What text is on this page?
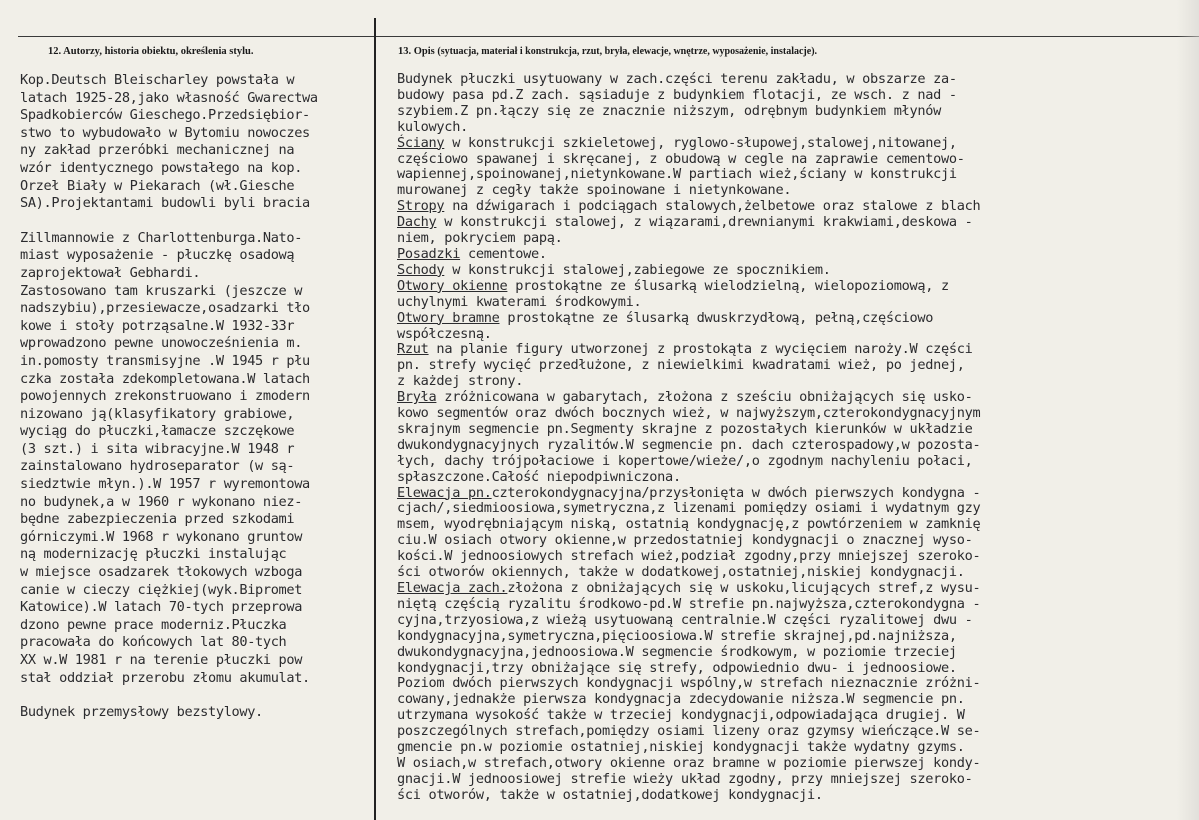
12. Autorzy, historia obiektu, określenia stylu.	13. Opis (sytuacja, materiał i konstrukcja, rzut, bryła, elewacje, wnętrze, wyposażenie, instalacje).
Kop.Deutsch Bleischarley powstała w
latach 1925-28,jako własność Gwarectwa
Spadkobierców Gieschego.Przedsiębior-
stwo to wybudowało w Bytomiu nowoczes
ny zakład przeróbki mechanicznej na
wzór identycznego powstałego na kop.
Orzeł Biały w Piekarach (wł.Giesche
SA).Projektantami budowli byli bracia
Zillmannowie z Charlottenburga.Nato-
miast wyposażenie - płuczkę osadową
zaprojektował Gebhardi.
Zastosowano tam kruszarki (jeszcze w
nadszybiu),przesiewacze,osadzarki tło
kowe i stoły potrząsalne.W 1932-33r
wprowadzono pewne unowocześnienia m.
in.pomosty transmisyjne .W 1945 r płu
czka została zdekompletowana.W latach
powojennych zrekonstruowano i zmodern
nizowano ją(klasyfikatory grabiowe,
wyciąg do płuczki,łamacze szczękowe
(3 szt.) i sita wibracyjne.W 1948 r
zainstalowano hydroseparator (w są-
siedztwie młyn.).W 1957 r wyremontowa
no budynek,a w 1960 r wykonano niez-
będne zabezpieczenia przed szkodami
górniczymi.W 1968 r wykonano gruntow
ną modernizację płuczki instalując
w miejsce osadzarek tłokowych wzboga
canie w cieczy ciężkiej(wyk.Bipromet
Katowice).W latach 70-tych przeprowa
dzono pewne prace moderniz.Płuczka
pracowała do końcowych lat 80-tych
XX w.W 1981 r na terenie płuczki pow
stał oddział przerobu złomu akumulat.
Budynek przemysłowy bezstylowy.
Budynek płuczki usytuowany w zach.części terenu zakładu, w obszarze za-
budowy pasa pd.Z zach. sąsiaduje z budynkiem flotacji, ze wsch. z nad -
szybiem.Z pn.łączy się ze znacznie niższym, odrębnym budynkiem młynów
kulowych.
Ściany w konstrukcji szkieletowej, ryglowo-słupowej,stalowej,nitowanej,
częściowo spawanej i skręcanej, z obudową w cegle na zaprawie cementowo-
wapiennej,spoinowanej,nietynkowane.W partiach wież,ściany w konstrukcji
murowanej z cegły także spoinowane i nietynkowane.
Stropy na dźwigarach i podciągach stalowych,żelbetowe oraz stalowe z blach
Dachy w konstrukcji stalowej, z wiązarami,drewnianymi krakwiami,deskowa -
niem, pokryciem papą.
Posadzki cementowe.
Schody w konstrukcji stalowej,zabiegowe ze spocznikiem.
Otwory okienne prostokątne ze ślusarką wielodzielną, wielopoziomową, z
uchylnymi kwaterami środkowymi.
Otwory bramne prostokątne ze ślusarką dwuskrzydłową, pełną,częściowo
współczesną.
Rzut na planie figury utworzonej z prostokąta z wycięciem naroży.W części
pn. strefy wycięć przedłużone, z niewielkimi kwadratami wież, po jednej,
z każdej strony.
Bryła zróżnicowana w gabarytach, złożona z sześciu obniżających się usko-
kowo segmentów oraz dwóch bocznych wież, w najwyższym,czterokondygnacyjnym
skrajnym segmencie pn.Segmenty skrajne z pozostałych kierunków w układzie
dwukondygnacyjnych ryzalitów.W segmencie pn. dach czterospadowy,w pozosta-
łych, dachy trójpołaciowe i kopertowe/wieże/,o zgodnym nachyleniu połaci,
spłaszczone.Całość niepodpiwniczona.
Elewacja pn.czterokondygnacyjna/przysłonięta w dwóch pierwszych kondygna -
cjach/,siedmioosiowa,symetryczna,z lizenami pomiędzy osiami i wydatnym gzy
msem, wyodrębniającym niską, ostatnią kondygnację,z powtórzeniem w zamknię
ciu.W osiach otwory okienne,w przedostatniej kondygnacji o znacznej wyso-
kości.W jednoosiowych strefach wież,podział zgodny,przy mniejszej szeroko-
ści otworów okiennych, także w dodatkowej,ostatniej,niskiej kondygnacji.
Elewacja zach.złożona z obniżających się w uskoku,licujących stref,z wysu-
niętą częścią ryzalitu środkowo-pd.W strefie pn.najwyższa,czterokondygna -
cyjna,trzyosiowa,z wieżą usytuowaną centralnie.W części ryzalitowej dwu -
kondygnacyjna,symetryczna,pięcioosiowa.W strefie skrajnej,pd.najniższa,
dwukondygnacyjna,jednoosiowa.W segmencie środkowym, w poziomie trzeciej
kondygnacji,trzy obniżające się strefy, odpowiednio dwu- i jednoosiowe.
Poziom dwóch pierwszych kondygnacji wspólny,w strefach nieznacznie zróżni-
cowany,jednakże pierwsza kondygnacja zdecydowanie niższa.W segmencie pn.
utrzymana wysokość także w trzeciej kondygnacji,odpowiadająca drugiej. W
poszczególnych strefach,pomiędzy osiami lizeny oraz gzymsy wieńczące.W se-
gmencie pn.w poziomie ostatniej,niskiej kondygnacji także wydatny gzyms.
W osiach,w strefach,otwory okienne oraz bramne w poziomie pierwszej kondy-
gnacji.W jednoosiowej strefie wieży układ zgodny, przy mniejszej szeroko-
ści otworów, także w ostatniej,dodatkowej kondygnacji.
